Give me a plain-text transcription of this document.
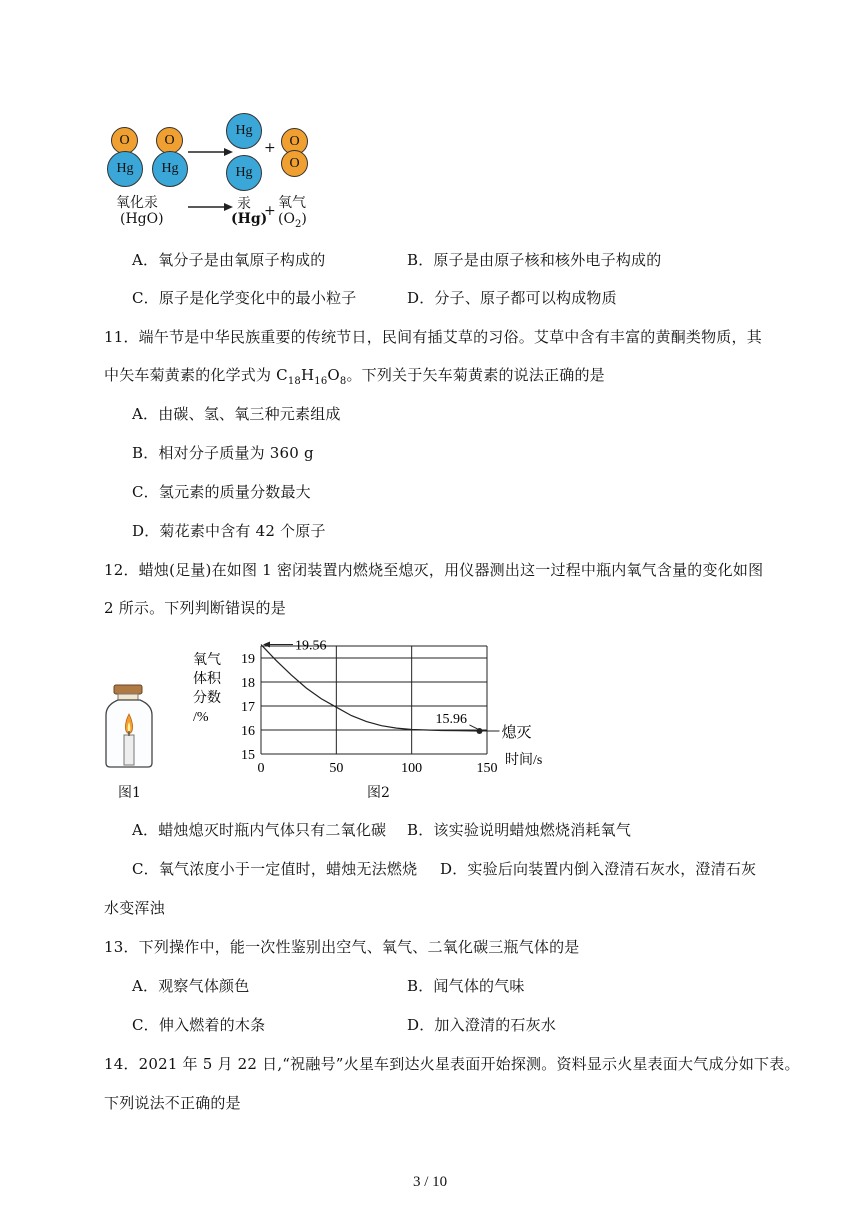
O
Hg
O
Hg
Hg
Hg
+ O
O
氧化汞
(HgO)
汞
(Hg)
+ 氧气
$(O_2)$
A．氧分子是由氧原子构成的	B．原子是由原子核和核外电子构成的
C．原子是化学变化中的最小粒子	D．分子、原子都可以构成物质
11．端午节是中华民族重要的传统节日，民间有插艾草的习俗。艾草中含有丰富的黄酮类物质，其
中矢车菊黄素的化学式为 $C_{18}H_{16}O_8$。下列关于矢车菊黄素的说法正确的是
A．由碳、氢、氧三种元素组成
B．相对分子质量为 360 g
C．氢元素的质量分数最大
D．菊花素中含有 42 个原子
12．蜡烛(足量)在如图 1 密闭装置内燃烧至熄灭，用仪器测出这一过程中瓶内氧气含量的变化如图
2 所示。下列判断错误的是
图1
15
16
17
18
19
0	50	100	150
氧气
体积
分数
/%
时间/s
19.56
15.96
熄灭
图2
A．蜡烛熄灭时瓶内气体只有二氧化碳 B．该实验说明蜡烛燃烧消耗氧气
C．氧气浓度小于一定值时，蜡烛无法燃烧 D．实验后向装置内倒入澄清石灰水，澄清石灰
水变浑浊
13．下列操作中，能一次性鉴别出空气、氧气、二氧化碳三瓶气体的是
A．观察气体颜色	B．闻气体的气味
C．伸入燃着的木条	D．加入澄清的石灰水
14．2021 年 5 月 22 日,“祝融号”火星车到达火星表面开始探测。资料显示火星表面大气成分如下表。
下列说法不正确的是
3 / 10
